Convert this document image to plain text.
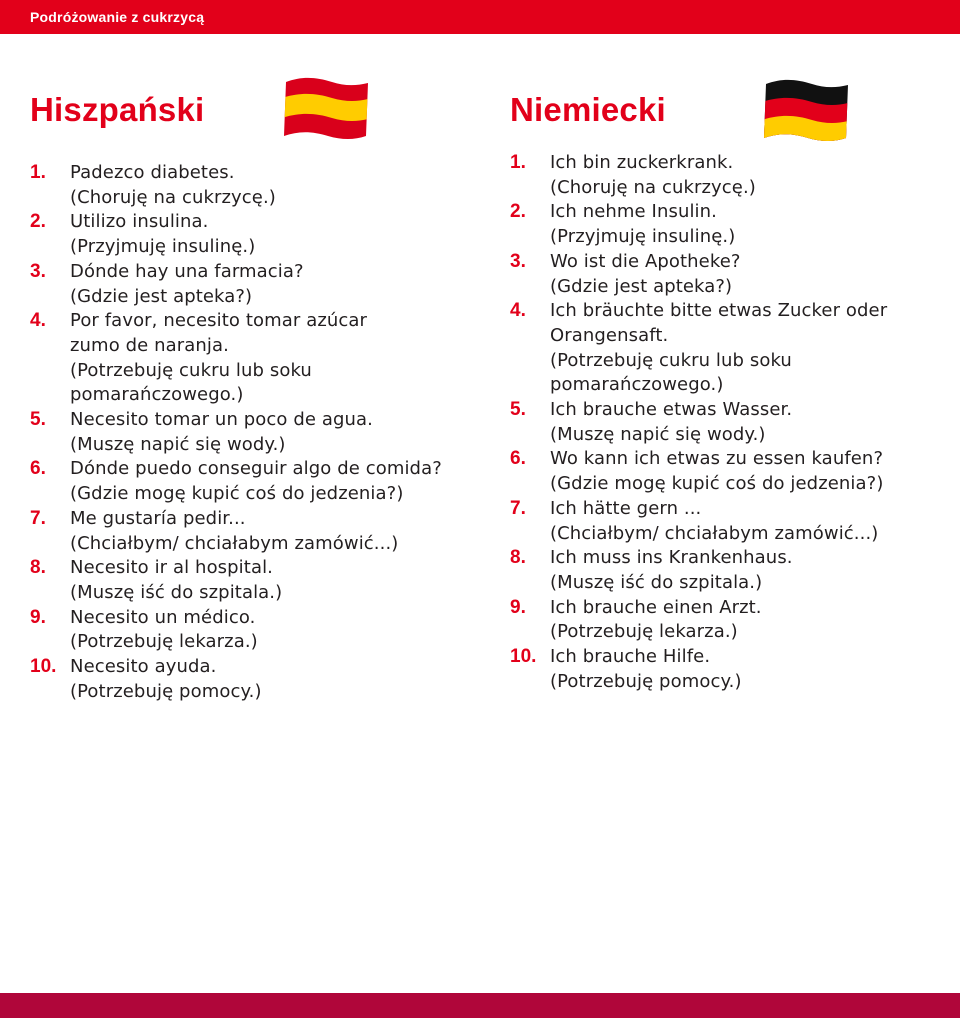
Podróżowanie z cukrzycą
Hiszpański
1. Padezco diabetes.
(Choruję na cukrzycę.)
2. Utilizo insulina.
(Przyjmuję insulinę.)
3. Dónde hay una farmacia?
(Gdzie jest apteka?)
4. Por favor, necesito tomar azúcar
zumo de naranja.
(Potrzebuję cukru lub soku
pomarańczowego.)
5. Necesito tomar un poco de agua.
(Muszę napić się wody.)
6. Dónde puedo conseguir algo de comida?
(Gdzie mogę kupić coś do jedzenia?)
7. Me gustaría pedir...
(Chciałbym/ chciałabym zamówić...)
8. Necesito ir al hospital.
(Muszę iść do szpitala.)
9. Necesito un médico.
(Potrzebuję lekarza.)
10. Necesito ayuda.
(Potrzebuję pomocy.)
Niemiecki
1. Ich bin zuckerkrank.
(Choruję na cukrzycę.)
2. Ich nehme Insulin.
(Przyjmuję insulinę.)
3. Wo ist die Apotheke?
(Gdzie jest apteka?)
4. Ich bräuchte bitte etwas Zucker oder
Orangensaft.
(Potrzebuję cukru lub soku
pomarańczowego.)
5. Ich brauche etwas Wasser.
(Muszę napić się wody.)
6. Wo kann ich etwas zu essen kaufen?
(Gdzie mogę kupić coś do jedzenia?)
7. Ich hätte gern ...
(Chciałbym/ chciałabym zamówić...)
8. Ich muss ins Krankenhaus.
(Muszę iść do szpitala.)
9. Ich brauche einen Arzt.
(Potrzebuję lekarza.)
10. Ich brauche Hilfe.
(Potrzebuję pomocy.)
